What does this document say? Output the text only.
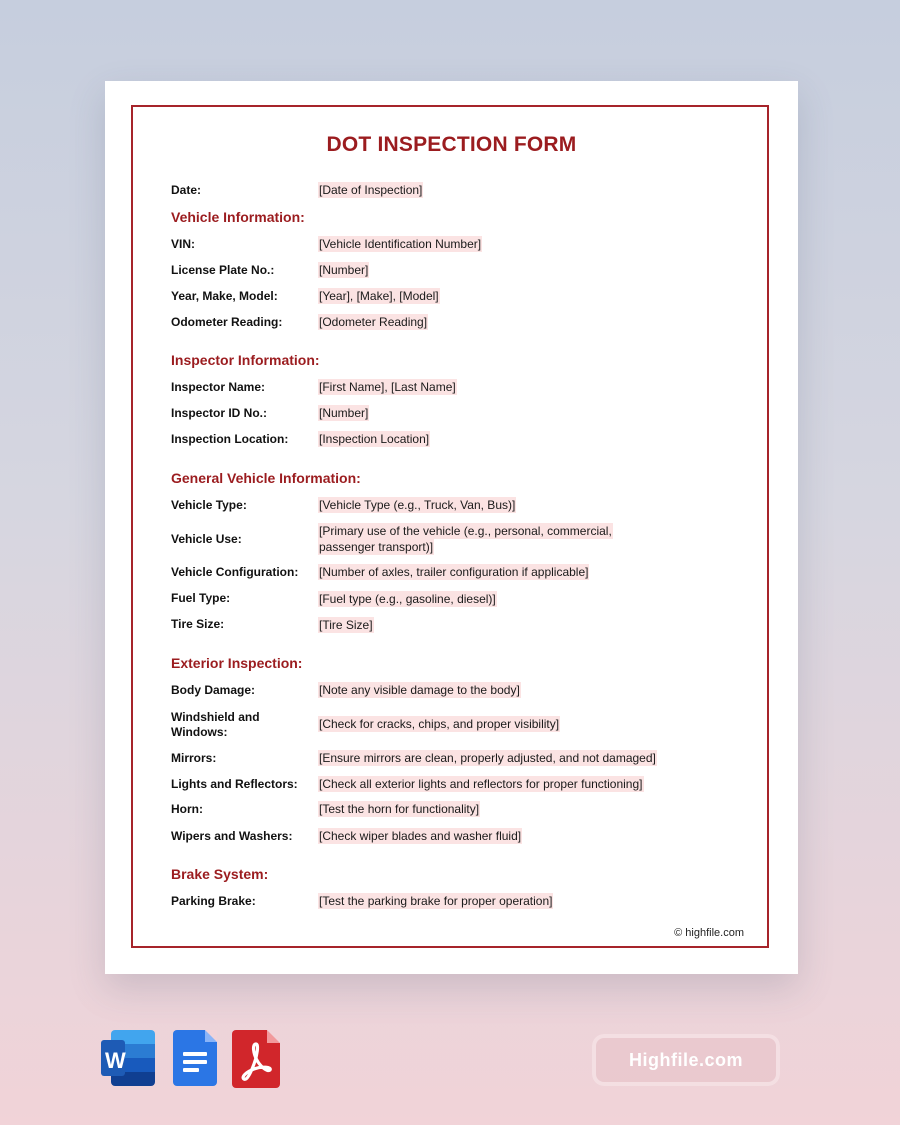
DOT INSPECTION FORM
Date:	[Date of Inspection]
Vehicle Information:
VIN:	[Vehicle Identification Number]
License Plate No.:	[Number]
Year, Make, Model:	[Year], [Make], [Model]
Odometer Reading:	[Odometer Reading]
Inspector Information:
Inspector Name:	[First Name], [Last Name]
Inspector ID No.:	[Number]
Inspection Location:	[Inspection Location]
General Vehicle Information:
Vehicle Type:	[Vehicle Type (e.g., Truck, Van, Bus)]
Vehicle Use:
[Primary use of the vehicle (e.g., personal, commercial,
passenger transport)]
Vehicle Configuration: [Number of axles, trailer configuration if applicable]
Fuel Type:	[Fuel type (e.g., gasoline, diesel)]
Tire Size:	[Tire Size]
Exterior Inspection:
Body Damage:	[Note any visible damage to the body]
Windshield and
Windows:
[Check for cracks, chips, and proper visibility]
Mirrors:	[Ensure mirrors are clean, properly adjusted, and not damaged]
Lights and Reflectors: [Check all exterior lights and reflectors for proper functioning]
Horn:	[Test the horn for functionality]
Wipers and Washers: [Check wiper blades and washer fluid]
Brake System:
Parking Brake:	[Test the parking brake for proper operation]
© highfile.com
W	Highfile.com
